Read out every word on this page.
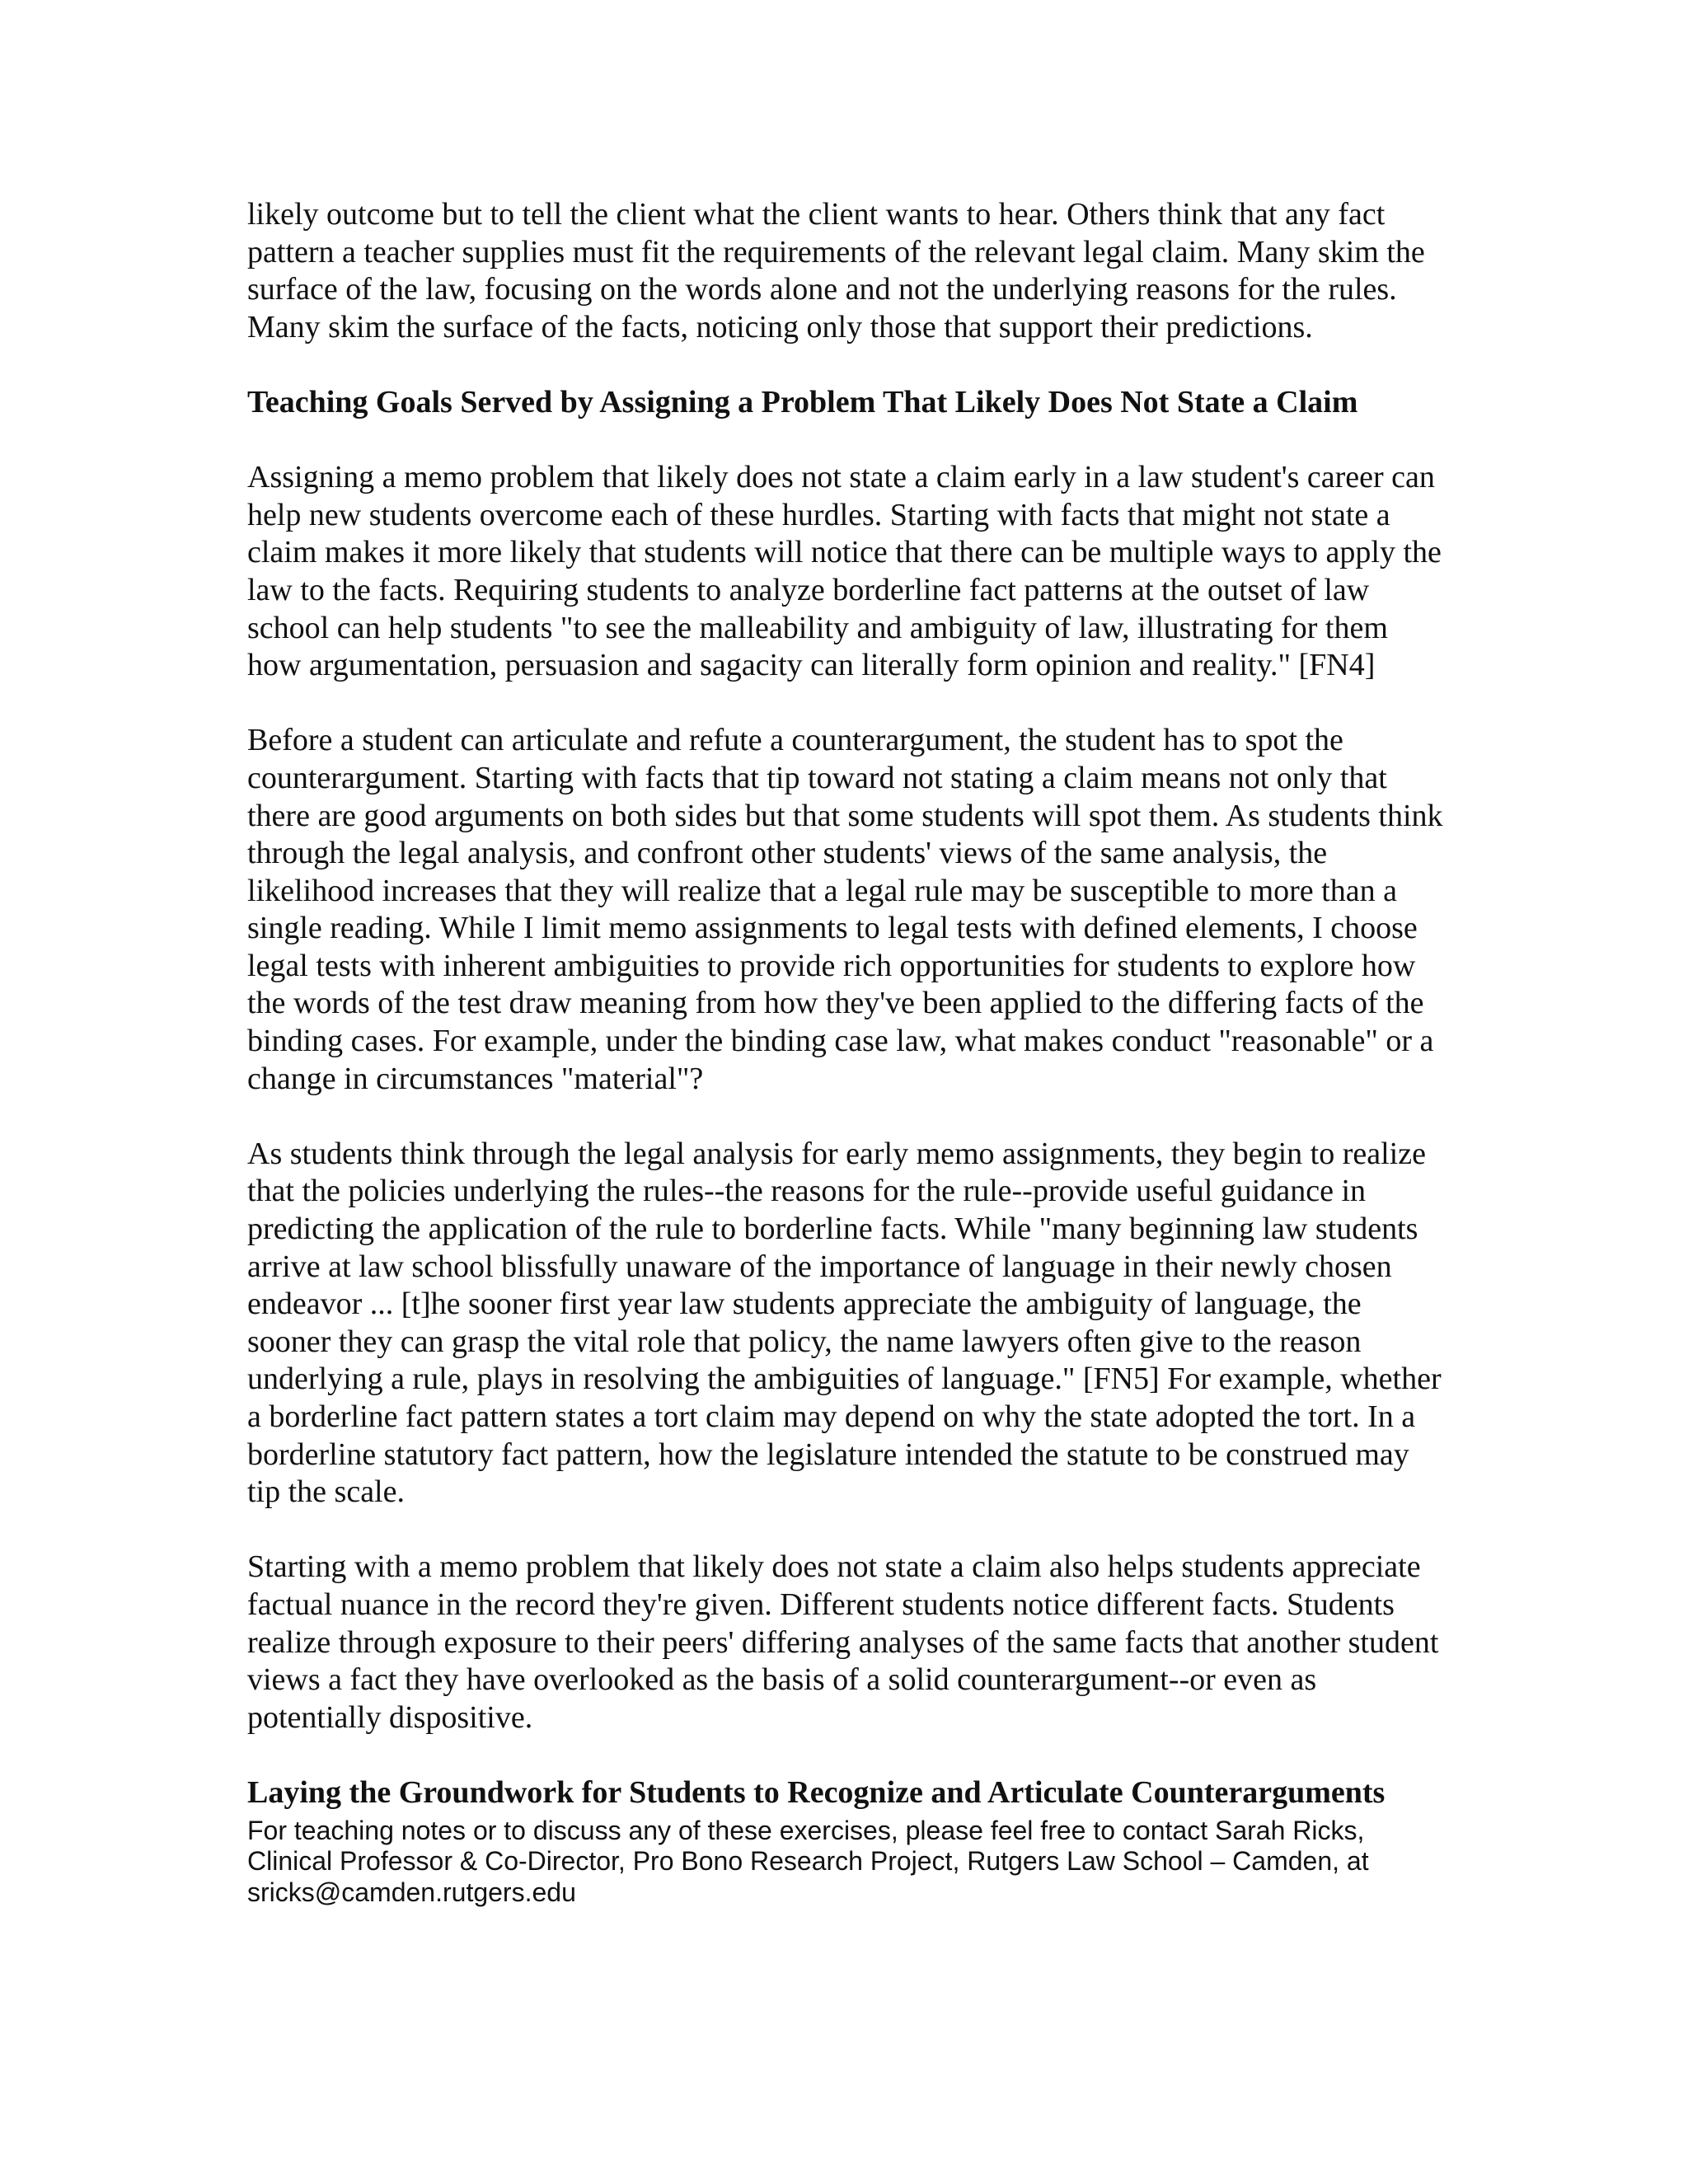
likely outcome but to tell the client what the client wants to hear. Others think that any fact pattern a teacher supplies must fit the requirements of the relevant legal claim. Many skim the surface of the law, focusing on the words alone and not the underlying reasons for the rules. Many skim the surface of the facts, noticing only those that support their predictions.

Teaching Goals Served by Assigning a Problem That Likely Does Not State a Claim

Assigning a memo problem that likely does not state a claim early in a law student's career can help new students overcome each of these hurdles. Starting with facts that might not state a claim makes it more likely that students will notice that there can be multiple ways to apply the law to the facts. Requiring students to analyze borderline fact patterns at the outset of law school can help students "to see the malleability and ambiguity of law, illustrating for them how argumentation, persuasion and sagacity can literally form opinion and reality." [FN4]

Before a student can articulate and refute a counterargument, the student has to spot the counterargument. Starting with facts that tip toward not stating a claim means not only that there are good arguments on both sides but that some students will spot them. As students think through the legal analysis, and confront other students' views of the same analysis, the likelihood increases that they will realize that a legal rule may be susceptible to more than a single reading. While I limit memo assignments to legal tests with defined elements, I choose legal tests with inherent ambiguities to provide rich opportunities for students to explore how the words of the test draw meaning from how they've been applied to the differing facts of the binding cases. For example, under the binding case law, what makes conduct "reasonable" or a change in circumstances "material"?

As students think through the legal analysis for early memo assignments, they begin to realize that the policies underlying the rules--the reasons for the rule--provide useful guidance in predicting the application of the rule to borderline facts. While "many beginning law students arrive at law school blissfully unaware of the importance of language in their newly chosen endeavor ... [t]he sooner first year law students appreciate the ambiguity of language, the sooner they can grasp the vital role that policy, the name lawyers often give to the reason underlying a rule, plays in resolving the ambiguities of language." [FN5] For example, whether a borderline fact pattern states a tort claim may depend on why the state adopted the tort. In a borderline statutory fact pattern, how the legislature intended the statute to be construed may tip the scale.

Starting with a memo problem that likely does not state a claim also helps students appreciate factual nuance in the record they're given. Different students notice different facts. Students realize through exposure to their peers' differing analyses of the same facts that another student views a fact they have overlooked as the basis of a solid counterargument--or even as potentially dispositive.

Laying the Groundwork for Students to Recognize and Articulate Counterarguments

For teaching notes or to discuss any of these exercises, please feel free to contact Sarah Ricks, Clinical Professor & Co-Director, Pro Bono Research Project, Rutgers Law School – Camden, at sricks@camden.rutgers.edu
